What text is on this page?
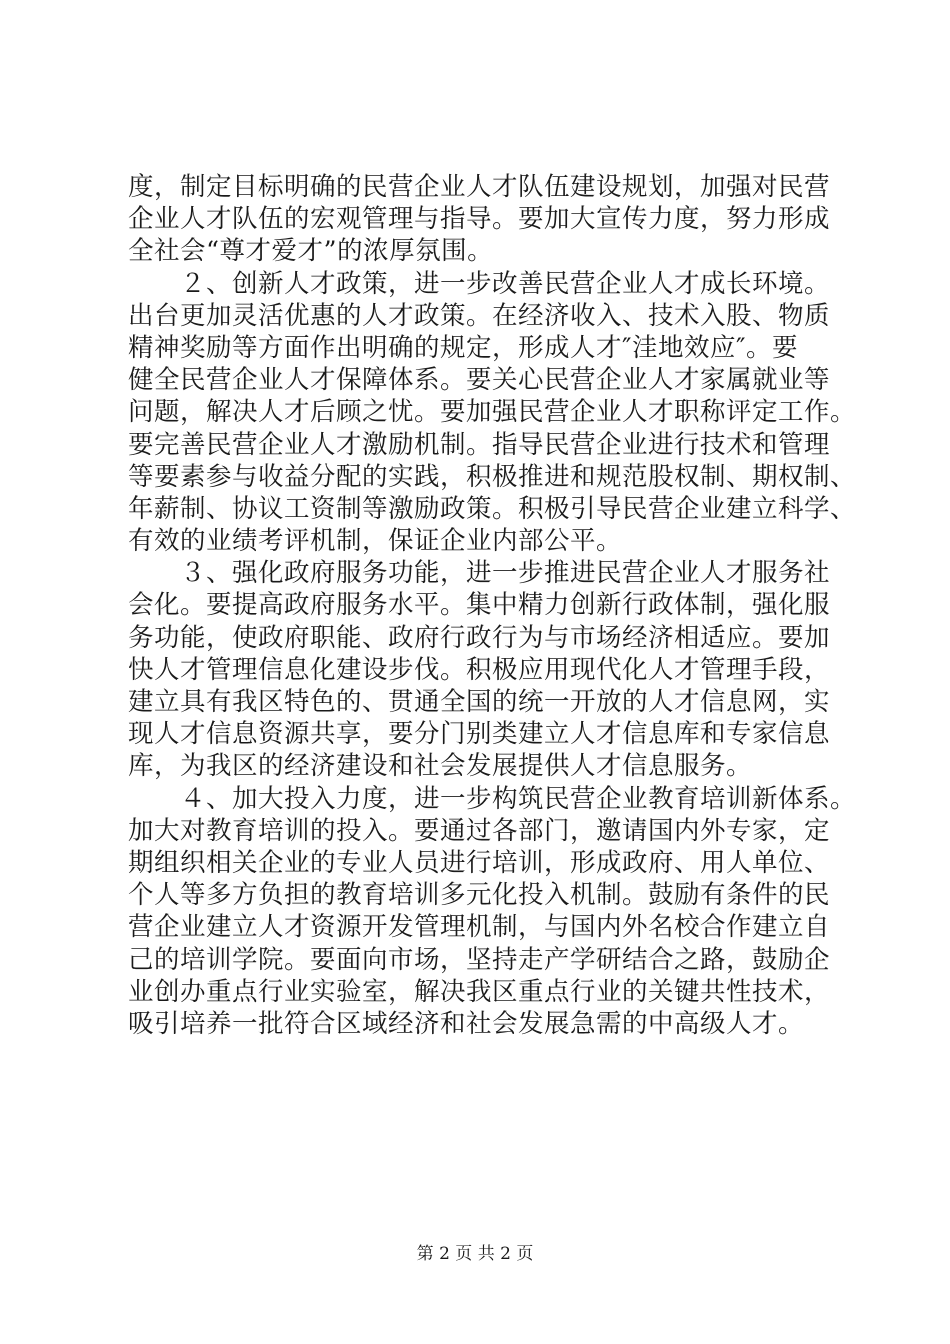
度，制定目标明确的民营企业人才队伍建设规划，加强对民营
企业人才队伍的宏观管理与指导。要加大宣传力度，努力形成
全社会“尊才爱才”的浓厚氛围。
２、创新人才政策，进一步改善民营企业人才成长环境。
出台更加灵活优惠的人才政策。在经济收入、技术入股、物质
精神奖励等方面作出明确的规定，形成人才″洼地效应″。要
健全民营企业人才保障体系。要关心民营企业人才家属就业等
问题，解决人才后顾之忧。要加强民营企业人才职称评定工作。
要完善民营企业人才激励机制。指导民营企业进行技术和管理
等要素参与收益分配的实践，积极推进和规范股权制、期权制、
年薪制、协议工资制等激励政策。积极引导民营企业建立科学、
有效的业绩考评机制，保证企业内部公平。
３、强化政府服务功能，进一步推进民营企业人才服务社
会化。要提高政府服务水平。集中精力创新行政体制，强化服
务功能，使政府职能、政府行政行为与市场经济相适应。要加
快人才管理信息化建设步伐。积极应用现代化人才管理手段，
建立具有我区特色的、贯通全国的统一开放的人才信息网，实
现人才信息资源共享，要分门别类建立人才信息库和专家信息
库，为我区的经济建设和社会发展提供人才信息服务。
４、加大投入力度，进一步构筑民营企业教育培训新体系。
加大对教育培训的投入。要通过各部门，邀请国内外专家，定
期组织相关企业的专业人员进行培训，形成政府、用人单位、
个人等多方负担的教育培训多元化投入机制。鼓励有条件的民
营企业建立人才资源开发管理机制，与国内外名校合作建立自
己的培训学院。要面向市场，坚持走产学研结合之路，鼓励企
业创办重点行业实验室，解决我区重点行业的关键共性技术，
吸引培养一批符合区域经济和社会发展急需的中高级人才。
第 2 页 共 2 页
